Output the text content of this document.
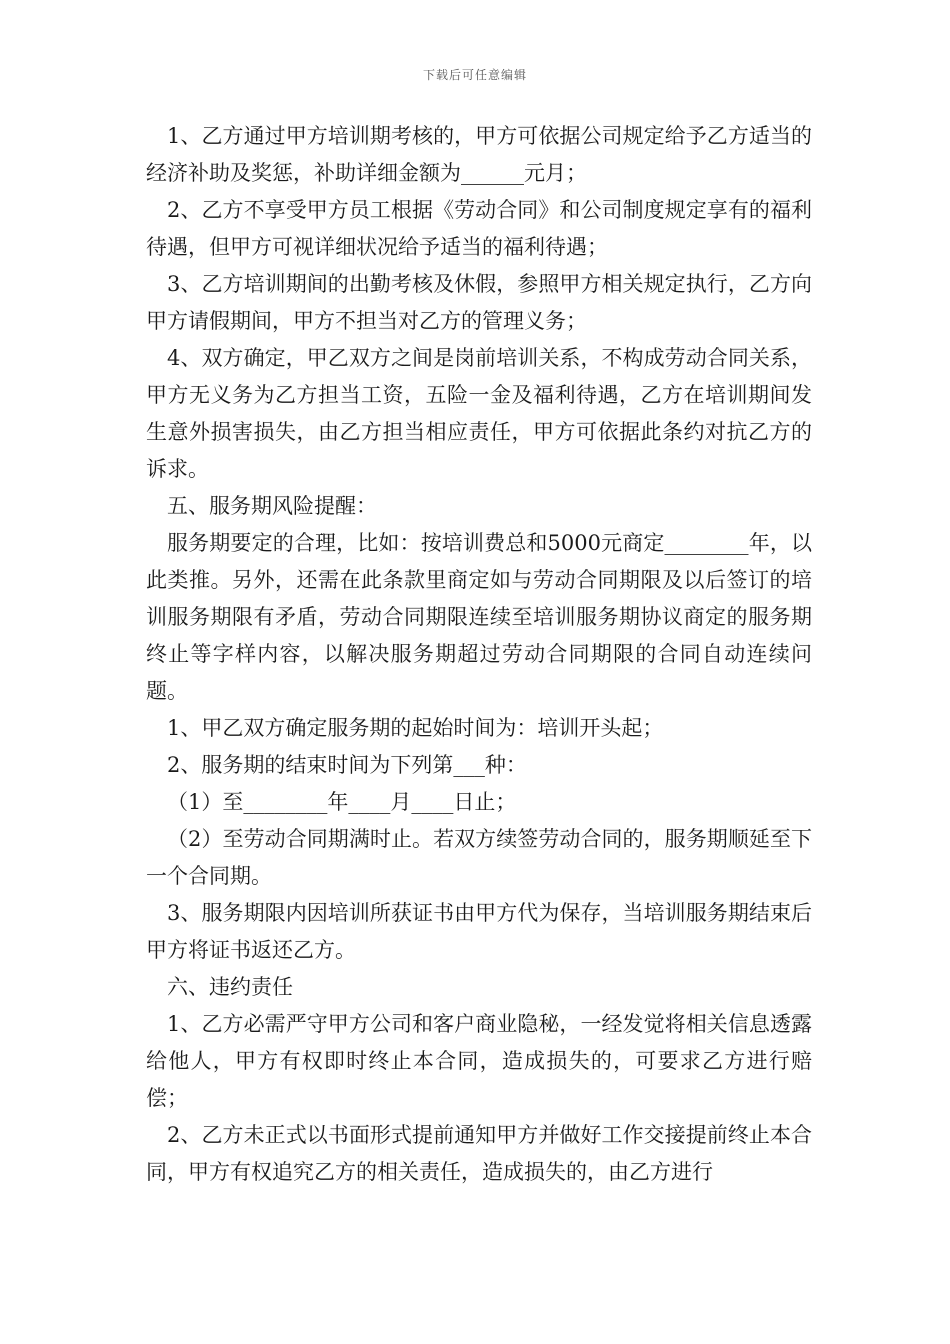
下载后可任意编辑

1、乙方通过甲方培训期考核的，甲方可依据公司规定给予乙方适当的经济补助及奖惩，补助详细金额为______元月；

2、乙方不享受甲方员工根据《劳动合同》和公司制度规定享有的福利待遇，但甲方可视详细状况给予适当的福利待遇；

3、乙方培训期间的出勤考核及休假，参照甲方相关规定执行，乙方向甲方请假期间，甲方不担当对乙方的管理义务；

4、双方确定，甲乙双方之间是岗前培训关系，不构成劳动合同关系，甲方无义务为乙方担当工资，五险一金及福利待遇，乙方在培训期间发生意外损害损失，由乙方担当相应责任，甲方可依据此条约对抗乙方的诉求。

五、服务期风险提醒：

服务期要定的合理，比如：按培训费总和5000元商定________年，以此类推。另外，还需在此条款里商定如与劳动合同期限及以后签订的培训服务期限有矛盾，劳动合同期限连续至培训服务期协议商定的服务期终止等字样内容，以解决服务期超过劳动合同期限的合同自动连续问题。

1、甲乙双方确定服务期的起始时间为：培训开头起；

2、服务期的结束时间为下列第___种：

（1）至________年____月____日止；

（2）至劳动合同期满时止。若双方续签劳动合同的，服务期顺延至下一个合同期。

3、服务期限内因培训所获证书由甲方代为保存，当培训服务期结束后甲方将证书返还乙方。

六、违约责任

1、乙方必需严守甲方公司和客户商业隐秘，一经发觉将相关信息透露给他人，甲方有权即时终止本合同，造成损失的，可要求乙方进行赔偿；

2、乙方未正式以书面形式提前通知甲方并做好工作交接提前终止本合同，甲方有权追究乙方的相关责任，造成损失的，由乙方进行
